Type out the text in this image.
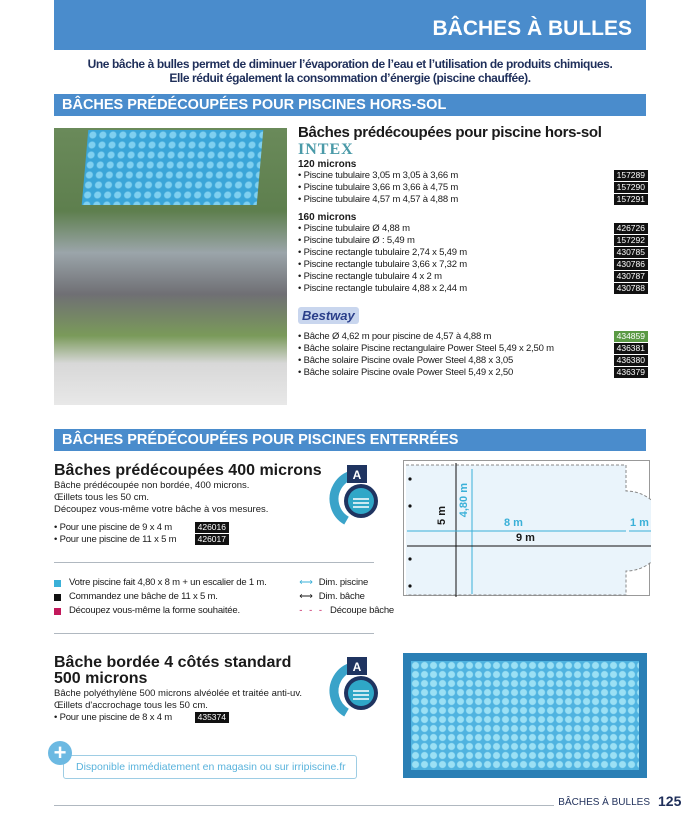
BÂCHES À BULLES
Une bâche à bulles permet de diminuer l’évaporation de l’eau et l’utilisation de produits chimiques.
Elle réduit également la consommation d’énergie (piscine chauffée).
BÂCHES PRÉDÉCOUPÉES POUR PISCINES HORS-SOL
Bâches prédécoupées pour piscine hors-sol
INTEX
120 microns
• Piscine tubulaire 3,05 m 3,05 à 3,66 m	157289
• Piscine tubulaire 3,66 m 3,66 à 4,75 m	157290
• Piscine tubulaire 4,57 m 4,57 à 4,88 m	157291
160 microns
• Piscine tubulaire Ø 4,88 m	426726
• Piscine tubulaire Ø : 5,49 m	157292
• Piscine rectangle tubulaire 2,74 x 5,49 m	430785
• Piscine rectangle tubulaire 3,66 x 7,32 m	430786
• Piscine rectangle tubulaire 4 x 2 m	430787
• Piscine rectangle tubulaire 4,88 x 2,44 m	430788
Bestway
• Bâche Ø 4,62 m pour piscine de 4,57 à 4,88 m	434859
• Bâche solaire Piscine rectangulaire Power Steel 5,49 x 2,50 m	436381
• Bâche solaire Piscine ovale Power Steel 4,88 x 3,05	436380
• Bâche solaire Piscine ovale Power Steel 5,49 x 2,50	436379
BÂCHES PRÉDÉCOUPÉES POUR PISCINES ENTERRÉES
Bâches prédécoupées 400 microns
Bâche prédécoupée non bordée, 400 microns.
Œillets tous les 50 cm.
Découpez vous-même votre bâche à vos mesures.
• Pour une piscine de 9 x 4 m	426016
• Pour une piscine de 11 x 5 m	426017
A
Votre piscine fait 4,80 x 8 m + un escalier de 1 m.
Commandez une bâche de 11 x 5 m.
Découpez vous-même la forme souhaitée.
⟷ Dim. piscine
⟷ Dim. bâche
- - - Découpe bâche
5 m 4,80 m
8 m	1 m
9 m
Bâche bordée 4 côtés standard
500 microns
Bâche polyéthylène 500 microns alvéolée et traitée anti-uv.
Œillets d'accrochage tous les 50 cm.
• Pour une piscine de 8 x 4 m	435374
A
Disponible immédiatement en magasin ou sur irripiscine.fr
+
BÂCHES À BULLES 125
